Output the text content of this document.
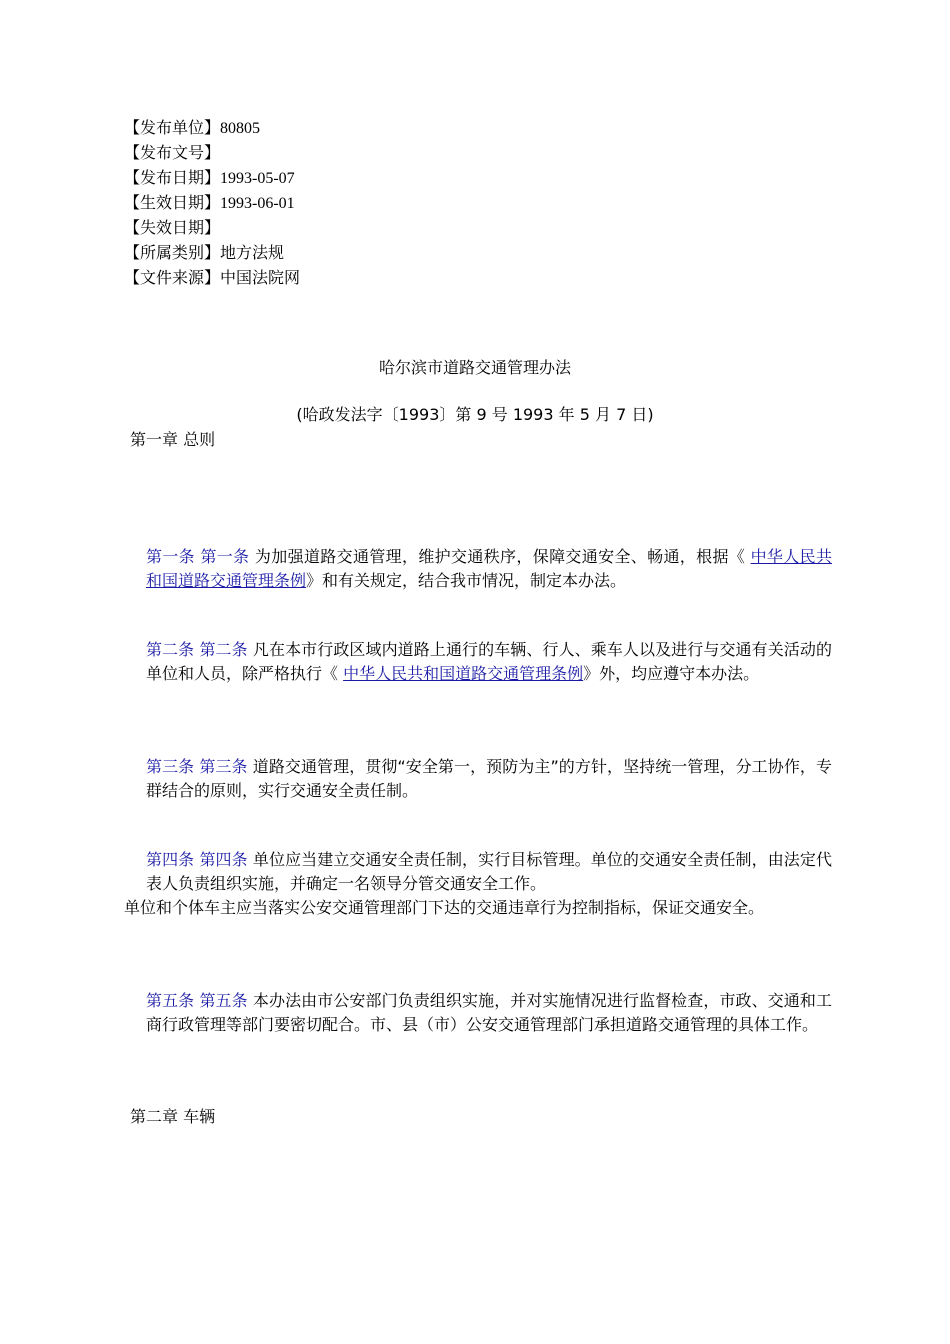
【发布单位】80805
【发布文号】
【发布日期】1993-05-07
【生效日期】1993-06-01
【失效日期】
【所属类别】地方法规
【文件来源】中国法院网
哈尔滨市道路交通管理办法
(哈政发法字〔1993〕第 9 号 1993 年 5 月 7 日)
第一章 总则

第一条 第一条 为加强道路交通管理，维护交通秩序，保障交通安全、畅通，根据《 中华人民共和国道路交通管理条例》和有关规定，结合我市情况，制定本办法。

第二条 第二条 凡在本市行政区域内道路上通行的车辆、行人、乘车人以及进行与交通有关活动的单位和人员，除严格执行《 中华人民共和国道路交通管理条例》外，均应遵守本办法。

第三条 第三条 道路交通管理，贯彻“安全第一，预防为主”的方针，坚持统一管理，分工协作，专群结合的原则，实行交通安全责任制。

第四条 第四条 单位应当建立交通安全责任制，实行目标管理。单位的交通安全责任制，由法定代表人负责组织实施，并确定一名领导分管交通安全工作。

单位和个体车主应当落实公安交通管理部门下达的交通违章行为控制指标，保证交通安全。

第五条 第五条 本办法由市公安部门负责组织实施，并对实施情况进行监督检查，市政、交通和工商行政管理等部门要密切配合。市、县（市）公安交通管理部门承担道路交通管理的具体工作。

第二章 车辆
